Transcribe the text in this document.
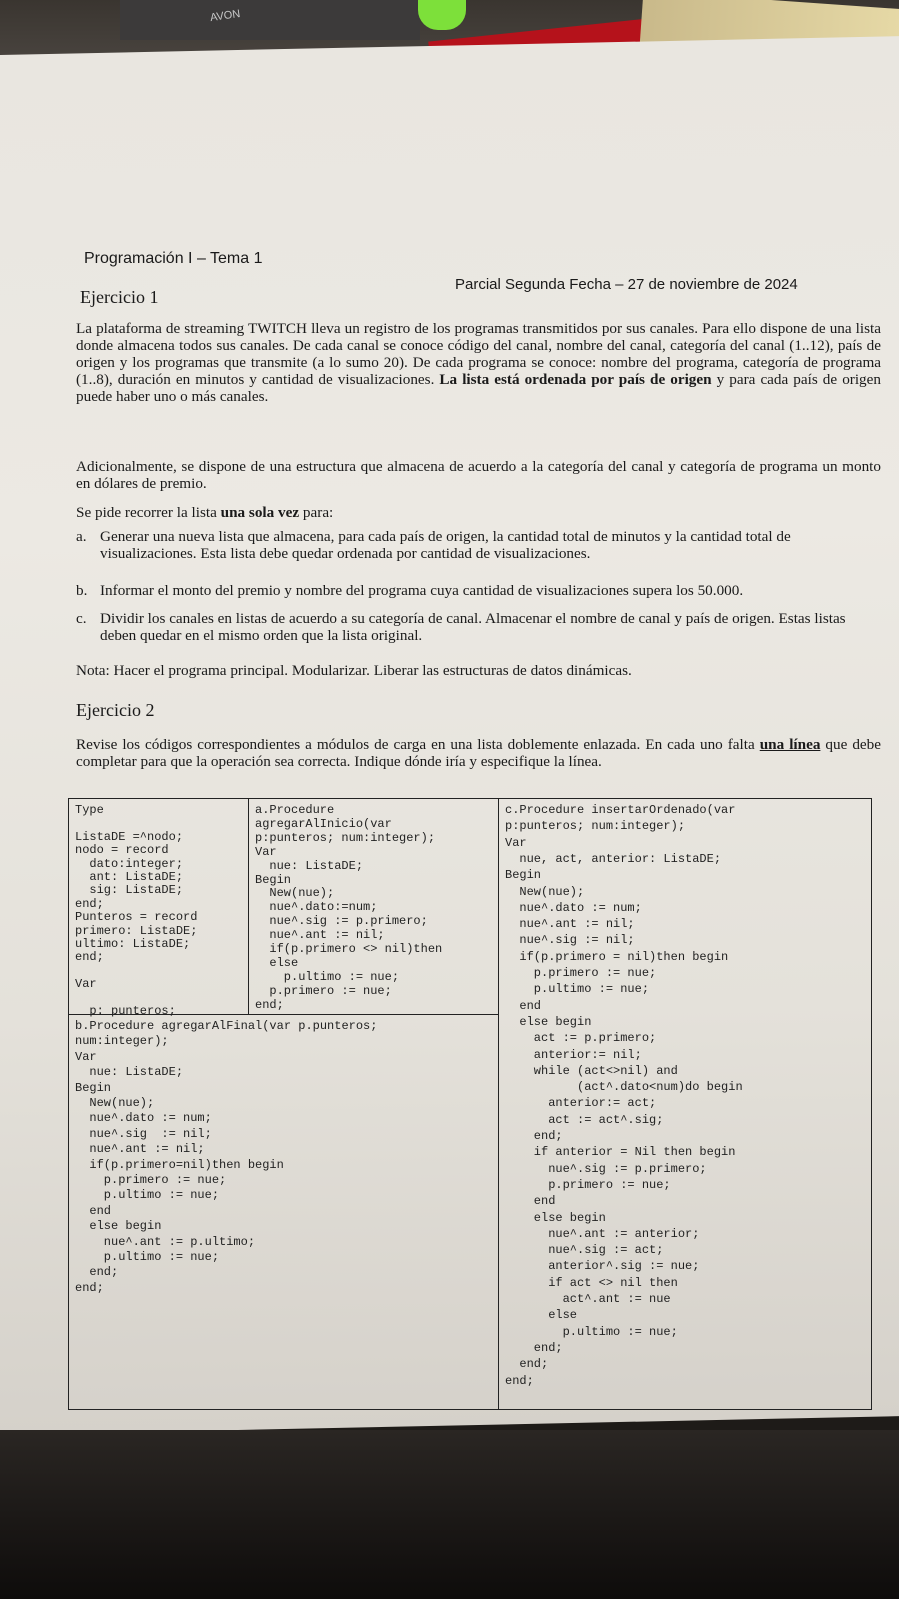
AVON
Programación I – Tema 1
Parcial Segunda Fecha – 27 de noviembre de 2024
Ejercicio 1
La plataforma de streaming TWITCH lleva un registro de los programas transmitidos por sus canales. Para ello dispone de una lista donde almacena todos sus canales. De cada canal se conoce código del canal, nombre del canal, categoría del canal (1..12), país de origen y los programas que transmite (a lo sumo 20). De cada programa se conoce: nombre del programa, categoría de programa (1..8), duración en minutos y cantidad de visualizaciones. La lista está ordenada por país de origen y para cada país de origen puede haber uno o más canales.
Adicionalmente, se dispone de una estructura que almacena de acuerdo a la categoría del canal y categoría de programa un monto en dólares de premio.
Se pide recorrer la lista una sola vez para:
a. Generar una nueva lista que almacena, para cada país de origen, la cantidad total de minutos y la cantidad total de visualizaciones. Esta lista debe quedar ordenada por cantidad de visualizaciones.
b. Informar el monto del premio y nombre del programa cuya cantidad de visualizaciones supera los 50.000.
c. Dividir los canales en listas de acuerdo a su categoría de canal. Almacenar el nombre de canal y país de origen. Estas listas deben quedar en el mismo orden que la lista original.
Nota: Hacer el programa principal. Modularizar. Liberar las estructuras de datos dinámicas.
Ejercicio 2
Revise los códigos correspondientes a módulos de carga en una lista doblemente enlazada. En cada uno falta una línea que debe completar para que la operación sea correcta. Indique dónde iría y especifique la línea.
Type
ListaDE =^nodo;
nodo = record
dato:integer;
ant: ListaDE;
sig: ListaDE;
end;
Punteros = record
primero: ListaDE;
ultimo: ListaDE;
end;
Var
p: punteros;
a.Procedure
agregarAlInicio(var
p:punteros; num:integer);
Var
nue: ListaDE;
Begin
New(nue);
nue^.dato:=num;
nue^.sig := p.primero;
nue^.ant := nil;
if(p.primero <> nil)then
else
p.ultimo := nue;
p.primero := nue;
end;
b.Procedure agregarAlFinal(var p.punteros;
num:integer);
Var
nue: ListaDE;
Begin
New(nue);
nue^.dato := num;
nue^.sig  := nil;
nue^.ant := nil;
if(p.primero=nil)then begin
p.primero := nue;
p.ultimo := nue;
end
else begin
nue^.ant := p.ultimo;
p.ultimo := nue;
end;
end;
c.Procedure insertarOrdenado(var
p:punteros; num:integer);
Var
nue, act, anterior: ListaDE;
Begin
New(nue);
nue^.dato := num;
nue^.ant := nil;
nue^.sig := nil;
if(p.primero = nil)then begin
p.primero := nue;
p.ultimo := nue;
end
else begin
act := p.primero;
anterior:= nil;
while (act<>nil) and
(act^.dato<num)do begin
anterior:= act;
act := act^.sig;
end;
if anterior = Nil then begin
nue^.sig := p.primero;
p.primero := nue;
end
else begin
nue^.ant := anterior;
nue^.sig := act;
anterior^.sig := nue;
if act <> nil then
act^.ant := nue
else
p.ultimo := nue;
end;
end;
end;
